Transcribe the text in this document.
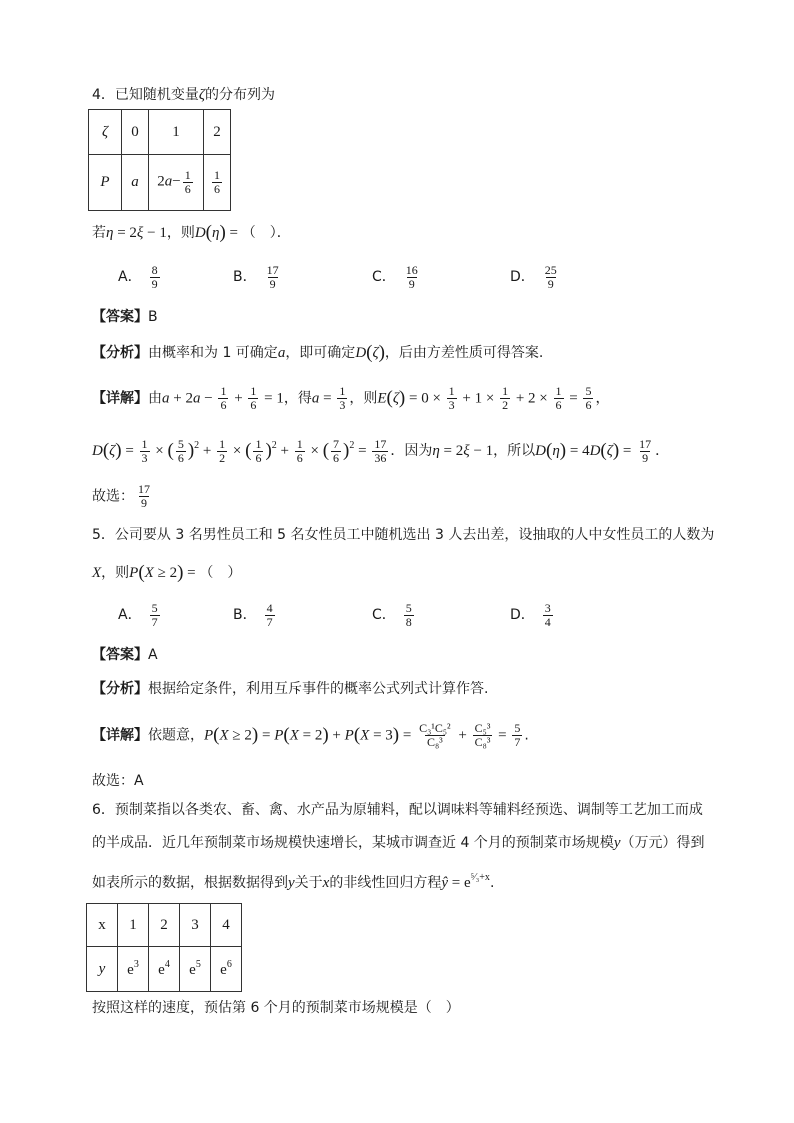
4．已知随机变量ζ的分布列为
ζ	0	1	2
P	a	$2a- \frac{1}{6}$	$\frac{1}{6}$
若η = 2ξ − 1，则D(η) = （　）．
A． $\frac{8}{9}$	B． $\frac{17}{9}$	C． $\frac{16}{9}$	D． $\frac{25}{9}$
【答案】B
【分析】由概率和为 1 可确定a，即可确定D(ζ)，后由方差性质可得答案.
【详解】由$a + 2a - \frac{1}{6} + \frac{1}{6} = 1$，得$a = \frac{1}{3}$ ，则$E(\zeta) = 0 \times \frac{1}{3} + 1 \times \frac{1}{2} + 2 \times \frac{1}{6} = \frac{5}{6}$ ，
$D(\zeta) = \frac{1}{3}$ × ( $\frac{5}{6} )^2 + \frac{1}{2}$ × ( $\frac{1}{6} )^2 + \frac{1}{6}$ × ( $\frac{7}{6} )^2 = \frac{17}{36}$ ．因为η = 2ξ − 1，所以$D(\eta) = 4D(\zeta) = \frac{17}{9}$ ．
故选： $\frac{17}{9}$
5．公司要从 3 名男性员工和 5 名女性员工中随机选出 3 人去出差，设抽取的人中女性员工的人数为
X，则P(X ≥ 2) = （　）
A． $\frac{5}{7}$	B． $\frac{4}{7}$	C． $\frac{5}{8}$	D． $\frac{3}{4}$
【答案】A
【分析】根据给定条件，利用互斥事件的概率公式列式计算作答.
【详解】依题意，$P(X \ge 2) = P(X = 2) + P(X = 3) = \frac{\text{C₃¹C₅²}}{\text{C₈³}} + \frac{\text{C₅³}}{\text{C₈³}} = \frac{5}{7}$ .
故选：A
6．预制菜指以各类农、畜、禽、水产品为原辅料，配以调味料等辅料经预选、调制等工艺加工而成
的半成品．近几年预制菜市场规模快速增长，某城市调查近 4 个月的预制菜市场规模y（万元）得到
如表所示的数据，根据数据得到y关于x的非线性回归方程ŷ = $e^{^5⁄_3+x}$.
x	1	2	3	4
y	$e^3$	$e^4$	$e^5$	$e^6$
按照这样的速度，预估第 6 个月的预制菜市场规模是（　）
